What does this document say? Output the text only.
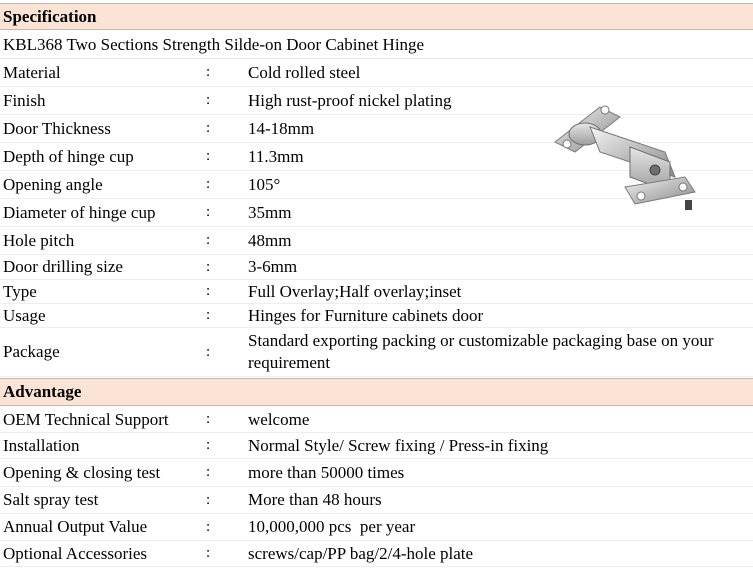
Specification
KBL368 Two Sections Strength Silde-on Door Cabinet Hinge
Material	: Cold rolled steel
Finish	: High rust-proof nickel plating
Door Thickness	: 14-18mm
Depth of hinge cup	: 11.3mm
Opening angle	: 105°
Diameter of hinge cup	: 35mm
Hole pitch	: 48mm
Door drilling size	: 3-6mm
Type	: Full Overlay;Half overlay;inset
Usage	: Hinges for Furniture cabinets door
Package	:
Standard exporting packing or customizable packaging base on your requirement
Advantage
OEM Technical Support : welcome
Installation	: Normal Style/ Screw fixing / Press-in fixing
Opening & closing test	: more than 50000 times
Salt spray test	: More than 48 hours
Annual Output Value	: 10,000,000 pcs  per year
Optional Accessories	: screws/cap/PP bag/2/4-hole plate
